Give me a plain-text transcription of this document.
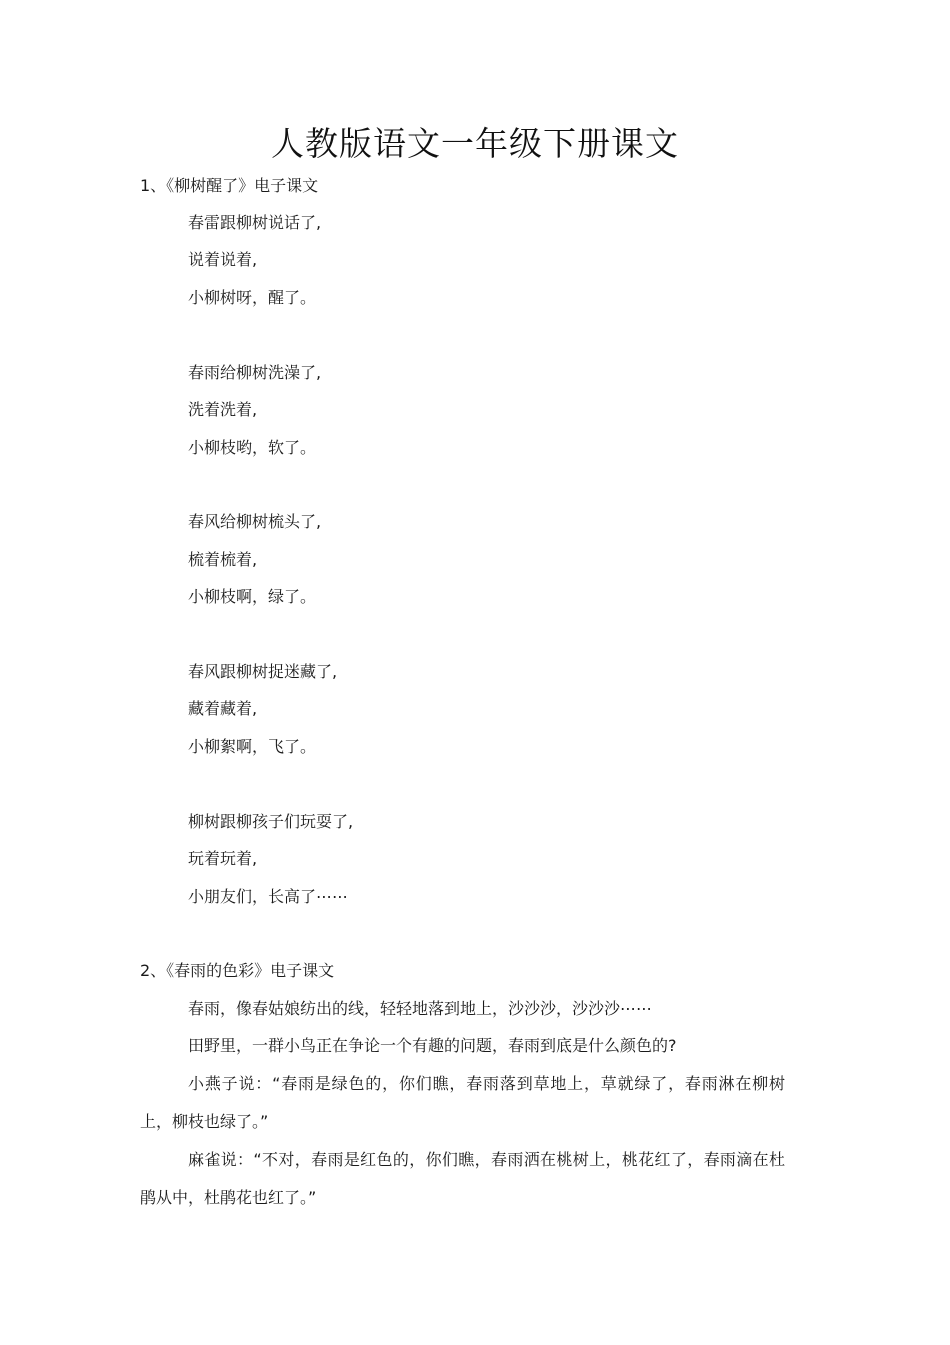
人教版语文一年级下册课文
1、《柳树醒了》电子课文
春雷跟柳树说话了,
说着说着,
小柳树呀，醒了。
春雨给柳树洗澡了,
洗着洗着,
小柳枝哟，软了。
春风给柳树梳头了,
梳着梳着,
小柳枝啊，绿了。
春风跟柳树捉迷藏了,
藏着藏着,
小柳絮啊，飞了。
柳树跟柳孩子们玩耍了,
玩着玩着,
小朋友们，长高了⋯⋯
2、《春雨的色彩》电子课文

春雨，像春姑娘纺出的线，轻轻地落到地上，沙沙沙，沙沙沙⋯⋯

田野里，一群小鸟正在争论一个有趣的问题，春雨到底是什么颜色的?

小燕子说：“春雨是绿色的，你们瞧，春雨落到草地上，草就绿了，春雨淋在柳树上，柳枝也绿了。”

麻雀说：“不对，春雨是红色的，你们瞧，春雨洒在桃树上，桃花红了，春雨滴在杜鹃从中，杜鹃花也红了。”
